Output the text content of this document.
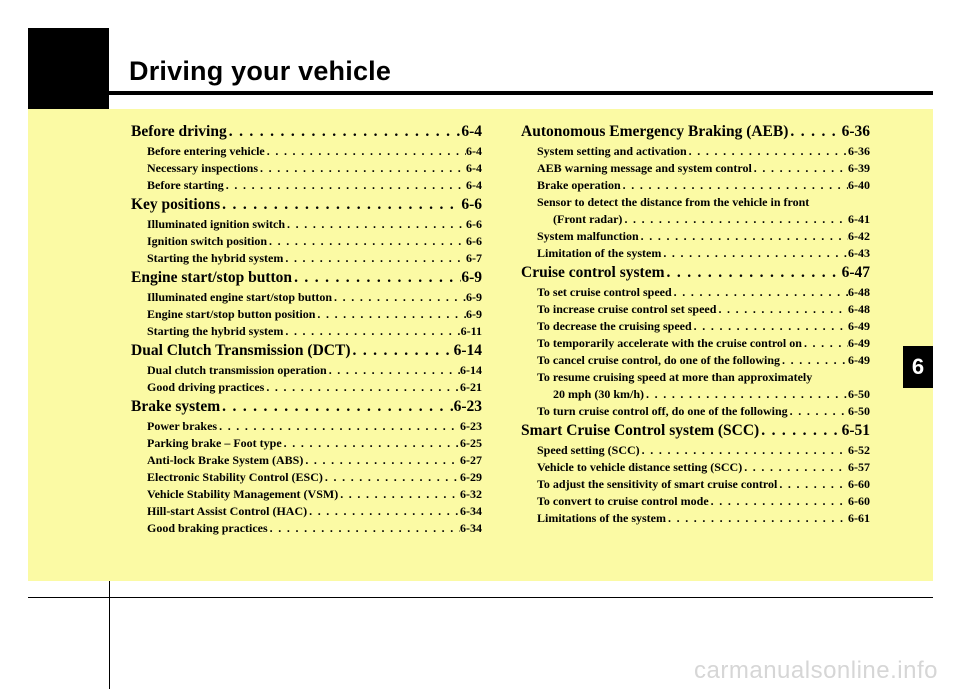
Driving your vehicle
6
Before driving . . .	6-4
Before entering vehicle . . .	6-4
Necessary inspections . . .	6-4
Before starting . . .	6-4
Key positions . . .	6-6
Illuminated ignition switch . . .	6-6
Ignition switch position . . .	6-6
Starting the hybrid system . . .	6-7
Engine start/stop button . . .	6-9
Illuminated engine start/stop button . . .	6-9
Engine start/stop button position . . .	6-9
Starting the hybrid system . . .	6-11
Dual Clutch Transmission (DCT) . . .	6-14
Dual clutch transmission operation . . .	6-14
Good driving practices . . .	6-21
Brake system . . .	6-23
Power brakes . . .	6-23
Parking brake – Foot type . . .	6-25
Anti-lock Brake System (ABS) . . .	6-27
Electronic Stability Control (ESC) . . .	6-29
Vehicle Stability Management (VSM) . . .	6-32
Hill-start Assist Control (HAC) . . .	6-34
Good braking practices . . .	6-34
Autonomous Emergency Braking (AEB) . . .	6-36
System setting and activation . . .	6-36
AEB warning message and system control . . .	6-39
Brake operation . . .	6-40
Sensor to detect the distance from the vehicle in front
(Front radar) . . .	6-41
System malfunction . . .	6-42
Limitation of the system . . .	6-43
Cruise control system . . .	6-47
To set cruise control speed . . .	6-48
To increase cruise control set speed . . .	6-48
To decrease the cruising speed . . .	6-49
To temporarily accelerate with the cruise control on . . .	6-49
To cancel cruise control, do one of the following . . .	6-49
To resume cruising speed at more than approximately
20 mph (30 km/h) . . .	6-50
To turn cruise control off, do one of the following . . .	6-50
Smart Cruise Control system (SCC) . . .	6-51
Speed setting (SCC) . . .	6-52
Vehicle to vehicle distance setting (SCC) . . .	6-57
To adjust the sensitivity of smart cruise control . . .	6-60
To convert to cruise control mode . . .	6-60
Limitations of the system . . .	6-61
carmanualsonline.info
